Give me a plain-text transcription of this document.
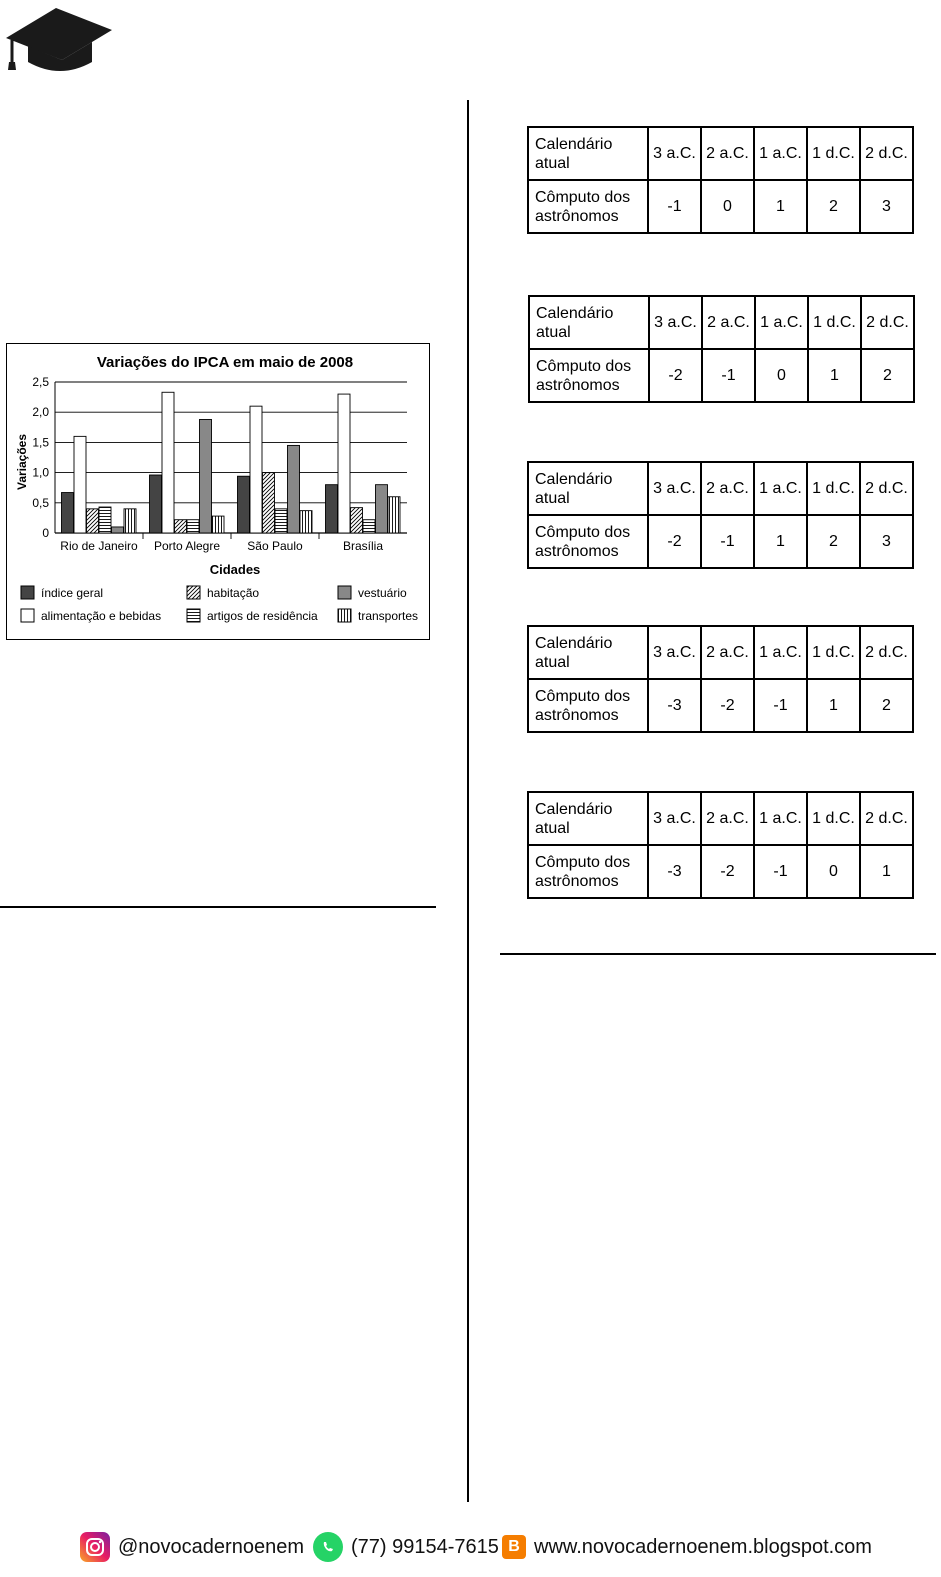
Variações do IPCA em maio de 2008
Variações
Cidades
0
0,5
1,0
1,5
2,0
2,5
Rio de Janeiro Porto Alegre São Paulo	Brasília
índice geral	habitação	vestuário
alimentação e bebidas	artigos de residência	transportes
Calendário
atual	3 a.C.	2 a.C.	1 a.C.	1 d.C.	2 d.C.
Cômputo dos
astrônomos	-1	0	1	2	3
Calendário
atual	3 a.C.	2 a.C.	1 a.C.	1 d.C.	2 d.C.
Cômputo dos
astrônomos	-2	-1	0	1	2
Calendário
atual	3 a.C.	2 a.C.	1 a.C.	1 d.C.	2 d.C.
Cômputo dos
astrônomos	-2	-1	1	2	3
Calendário
atual	3 a.C.	2 a.C.	1 a.C.	1 d.C.	2 d.C.
Cômputo dos
astrônomos	-3	-2	-1	1	2
Calendário
atual	3 a.C.	2 a.C.	1 a.C.	1 d.C.	2 d.C.
Cômputo dos
astrônomos	-3	-2	-1	0	1
@novocadernoenem (77) 99154-7615 B www.novocadernoenem.blogspot.com
